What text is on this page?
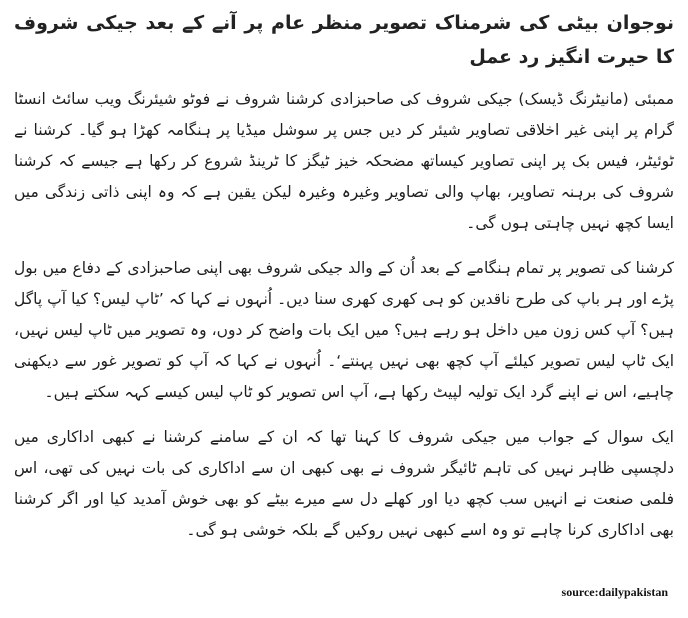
نوجوان بیٹی کی شرمناک تصویر منظر عام پر آنے کے بعد جیکی شروف کا حیرت انگیز رد عمل

ممبئی (مانیٹرنگ ڈیسک) جیکی شروف کی صاحبزادی کرشنا شروف نے فوٹو شیئرنگ ویب سائٹ انسٹا گرام پر اپنی غیر اخلاقی تصاویر شیئر کر دیں جس پر سوشل میڈیا پر ہنگامہ کھڑا ہو گیا۔ کرشنا نے ٹوئیٹر، فیس بک پر اپنی تصاویر کیساتھ مضحکہ خیز ٹیگز کا ٹرینڈ شروع کر رکھا ہے جیسے کہ کرشنا شروف کی برہنہ تصاویر، بھاپ والی تصاویر وغیرہ وغیرہ لیکن یقین ہے کہ وہ اپنی ذاتی زندگی میں ایسا کچھ نہیں چاہتی ہوں گی۔

کرشنا کی تصویر پر تمام ہنگامے کے بعد اُن کے والد جیکی شروف بھی اپنی صاحبزادی کے دفاع میں بول پڑے اور ہر باپ کی طرح ناقدین کو ہی کھری کھری سنا دیں۔ اُنہوں نے کہا کہ ’ٹاپ لیس؟ کیا آپ پاگل ہیں؟ آپ کس زون میں داخل ہو رہے ہیں؟ میں ایک بات واضح کر دوں، وہ تصویر میں ٹاپ لیس نہیں، ایک ٹاپ لیس تصویر کیلئے آپ کچھ بھی نہیں پہنتے‘۔ اُنہوں نے کہا کہ آپ کو تصویر غور سے دیکھنی چاہیے، اس نے اپنے گرد ایک تولیہ لپیٹ رکھا ہے، آپ اس تصویر کو ٹاپ لیس کیسے کہہ سکتے ہیں۔

ایک سوال کے جواب میں جیکی شروف کا کہنا تھا کہ ان کے سامنے کرشنا نے کبھی اداکاری میں دلچسپی ظاہر نہیں کی تاہم ٹائیگر شروف نے بھی کبھی ان سے اداکاری کی بات نہیں کی تھی، اس فلمی صنعت نے انہیں سب کچھ دیا اور کھلے دل سے میرے بیٹے کو بھی خوش آمدید کیا اور اگر کرشنا بھی اداکاری کرنا چاہے تو وہ اسے کبھی نہیں روکیں گے بلکہ خوشی ہو گی۔

source:dailypakistan
